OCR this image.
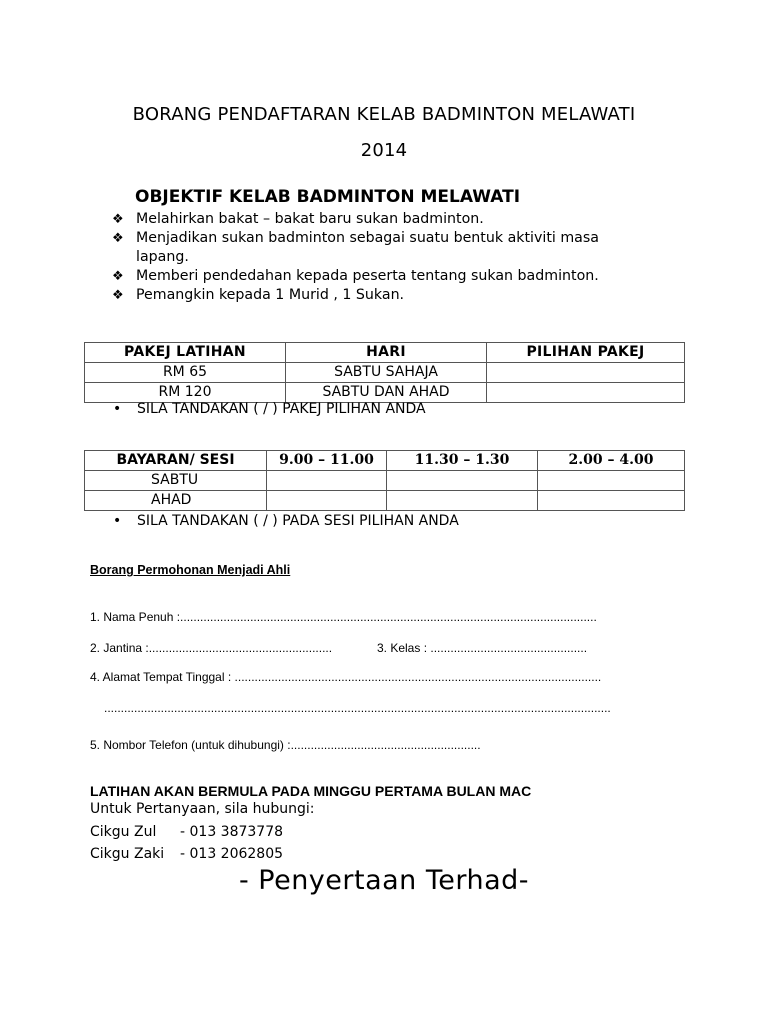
BORANG PENDAFTARAN KELAB BADMINTON MELAWATI
2014
OBJEKTIF KELAB BADMINTON MELAWATI
❖ Melahirkan bakat – bakat baru sukan badminton.
❖ Menjadikan sukan badminton sebagai suatu bentuk aktiviti masa lapang.
❖ Memberi pendedahan kepada peserta tentang sukan badminton.
❖ Pemangkin kepada 1 Murid , 1 Sukan.
PAKEJ LATIHAN	HARI	PILIHAN PAKEJ
RM 65	SABTU SAHAJA	
RM 120	SABTU DAN AHAD	
• SILA TANDAKAN ( / ) PAKEJ PILIHAN ANDA
BAYARAN/ SESI	9.00 – 11.00	11.30 – 1.30	2.00 – 4.00
SABTU			
AHAD			
• SILA TANDAKAN ( / ) PADA SESI PILIHAN ANDA
Borang Permohonan Menjadi Ahli
1. Nama Penuh :.............................................................................................................................
2. Jantina :.......................................................	3. Kelas : ...............................................
4. Alamat Tempat Tinggal : ..............................................................................................................
........................................................................................................................................................
5. Nombor Telefon (untuk dihubungi) :.........................................................
LATIHAN AKAN BERMULA PADA MINGGU PERTAMA BULAN MAC
Untuk Pertanyaan, sila hubungi:
Cikgu Zul - 013 3873778
Cikgu Zaki - 013 2062805
- Penyertaan Terhad-
